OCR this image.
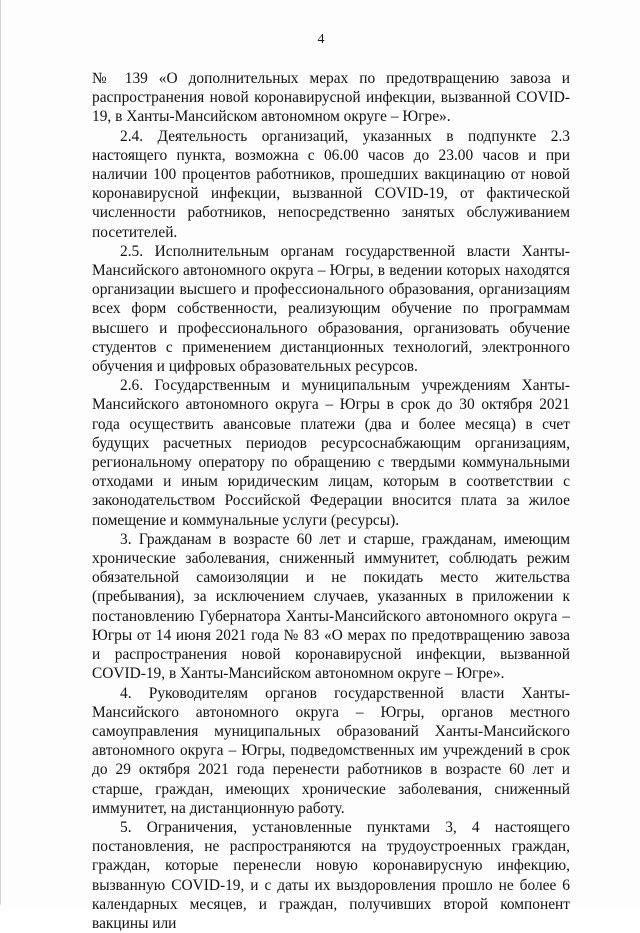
4

№ 139 «О дополнительных мерах по предотвращению завоза и распространения новой коронавирусной инфекции, вызванной COVID-19, в Ханты-Мансийском автономном округе – Югре».

2.4. Деятельность организаций, указанных в подпункте 2.3 настоящего пункта, возможна с 06.00 часов до 23.00 часов и при наличии 100 процентов работников, прошедших вакцинацию от новой коронавирусной инфекции, вызванной COVID-19, от фактической численности работников, непосредственно занятых обслуживанием посетителей.

2.5. Исполнительным органам государственной власти Ханты-Мансийского автономного округа – Югры, в ведении которых находятся организации высшего и профессионального образования, организациям всех форм собственности, реализующим обучение по программам высшего и профессионального образования, организовать обучение студентов с применением дистанционных технологий, электронного обучения и цифровых образовательных ресурсов.

2.6. Государственным и муниципальным учреждениям Ханты-Мансийского автономного округа – Югры в срок до 30 октября 2021 года осуществить авансовые платежи (два и более месяца) в счет будущих расчетных периодов ресурсоснабжающим организациям, региональному оператору по обращению с твердыми коммунальными отходами и иным юридическим лицам, которым в соответствии с законодательством Российской Федерации вносится плата за жилое помещение и коммунальные услуги (ресурсы).

3. Гражданам в возрасте 60 лет и старше, гражданам, имеющим хронические заболевания, сниженный иммунитет, соблюдать режим обязательной самоизоляции и не покидать место жительства (пребывания), за исключением случаев, указанных в приложении к постановлению Губернатора Ханты-Мансийского автономного округа – Югры от 14 июня 2021 года № 83 «О мерах по предотвращению завоза и распространения новой коронавирусной инфекции, вызванной COVID-19, в Ханты-Мансийском автономном округе – Югре».

4. Руководителям органов государственной власти Ханты-Мансийского автономного округа – Югры, органов местного самоуправления муниципальных образований Ханты-Мансийского автономного округа – Югры, подведомственных им учреждений в срок до 29 октября 2021 года перенести работников в возрасте 60 лет и старше, граждан, имеющих хронические заболевания, сниженный иммунитет, на дистанционную работу.

5. Ограничения, установленные пунктами 3, 4 настоящего постановления, не распространяются на трудоустроенных граждан, граждан, которые перенесли новую коронавирусную инфекцию, вызванную COVID-19, и с даты их выздоровления прошло не более 6 календарных месяцев, и граждан, получивших второй компонент вакцины или
